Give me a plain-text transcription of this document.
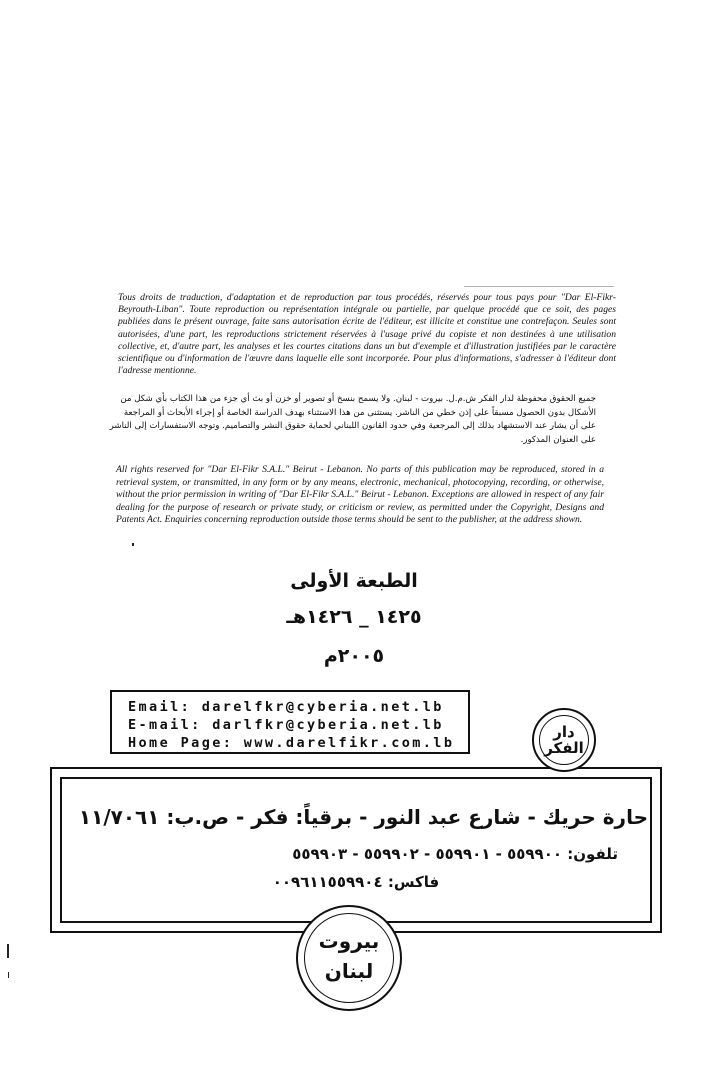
Tous droits de traduction, d'adaptation et de reproduction par tous procédés, réservés pour tous pays pour "Dar El-Fikr-Beyrouth-Liban". Toute reproduction ou représentation intégrale ou partielle, par quelque procédé que ce soit, des pages publiées dans le présent ouvrage, faite sans autorisation écrite de l'éditeur, est illicite et constitue une contrefaçon. Seules sont autorisées, d'une part, les reproductions strictement réservées à l'usage privé du copiste et non destinées à une utilisation collective, et, d'autre part, les analyses et les courtes citations dans un but d'exemple et d'illustration justifiées par le caractère scientifique ou d'information de l'œuvre dans laquelle elle sont incorporée. Pour plus d'informations, s'adresser à l'éditeur dont l'adresse mentionne.
جميع الحقوق محفوظة لدار الفكر ش.م.ل. بيروت - لبنان. ولا يسمح بنسخ أو تصوير أو خزن أو بث أي جزء من هذا الكتاب بأي شكل من الأشكال بدون الحصول مسبقاً على إذن خطي من الناشر. يستثنى من هذا الاستثناء بهدف الدراسة الخاصة أو إجراء الأبحاث أو المراجعة على أن يشار عند الاستشهاد بذلك إلى المرجعية وفي حدود القانون اللبناني لحماية حقوق النشر والتصاميم. وتوجه الاستفسارات إلى الناشر على العنوان المذكور.
All rights reserved for "Dar El-Fikr S.A.L." Beirut - Lebanon. No parts of this publication may be reproduced, stored in a retrieval system, or transmitted, in any form or by any means, electronic, mechanical, photocopying, recording, or otherwise, without the prior permission in writing of "Dar El-Fikr S.A.L." Beirut - Lebanon. Exceptions are allowed in respect of any fair dealing for the purpose of research or private study, or criticism or review, as permitted under the Copyright, Designs and Patents Act. Enquiries concerning reproduction outside those terms should be sent to the publisher, at the address shown.
الطبعة الأولى
١٤٢٥ _ ١٤٢٦هـ
٢٠٠٥م
Email: darelfkr@cyberia.net.lb
E-mail: darlfkr@cyberia.net.lb
Home Page: www.darelfikr.com.lb
دار الفكر
حارة حريك - شارع عبد النور - برقياً: فكر - ص.ب: ١١/٧٠٦١
تلفون: ٥٥٩٩٠٠ - ٥٥٩٩٠١ - ٥٥٩٩٠٢ - ٥٥٩٩٠٣
فاكس: ٠٠٩٦١١٥٥٩٩٠٤
بيروت
لبنان
